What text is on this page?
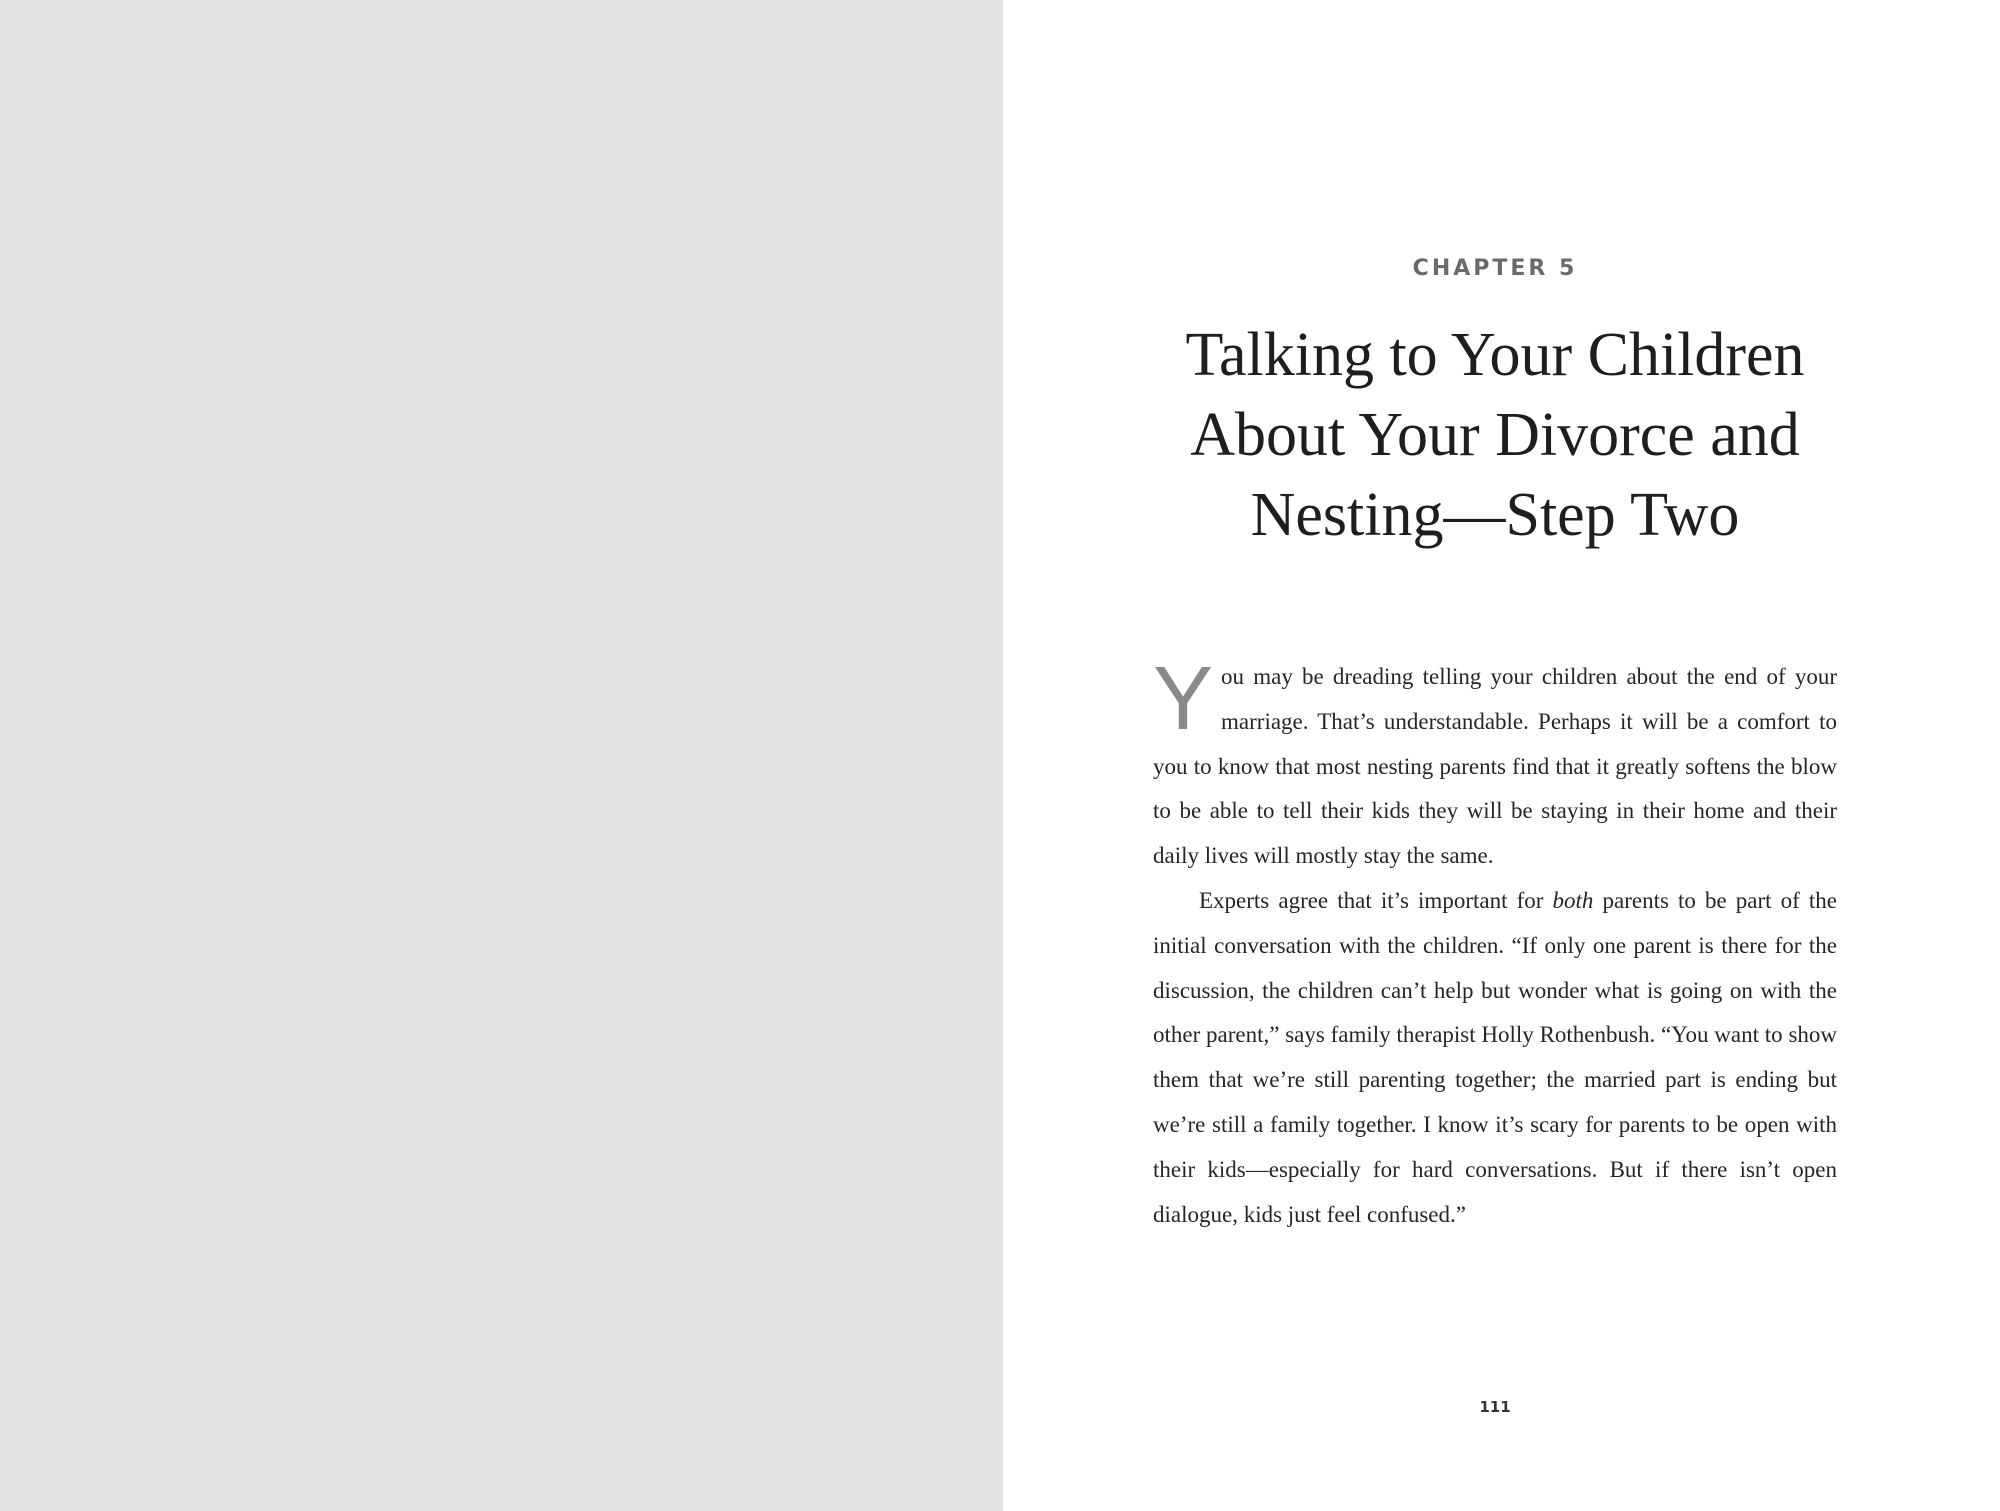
CHAPTER 5
Talking to Your Children
About Your Divorce and
Nesting—Step Two

You may be dreading telling your children about the end of your marriage. That’s understandable. Perhaps it will be a comfort to you to know that most nesting parents find that it greatly softens the blow to be able to tell their kids they will be staying in their home and their daily lives will mostly stay the same.

Experts agree that it’s important for both parents to be part of the initial conversation with the children. “If only one parent is there for the discussion, the children can’t help but wonder what is going on with the other parent,” says family therapist Holly Rothenbush. “You want to show them that we’re still parenting together; the married part is ending but we’re still a family together. I know it’s scary for parents to be open with their kids—especially for hard conversations. But if there isn’t open dialogue, kids just feel confused.”

111
